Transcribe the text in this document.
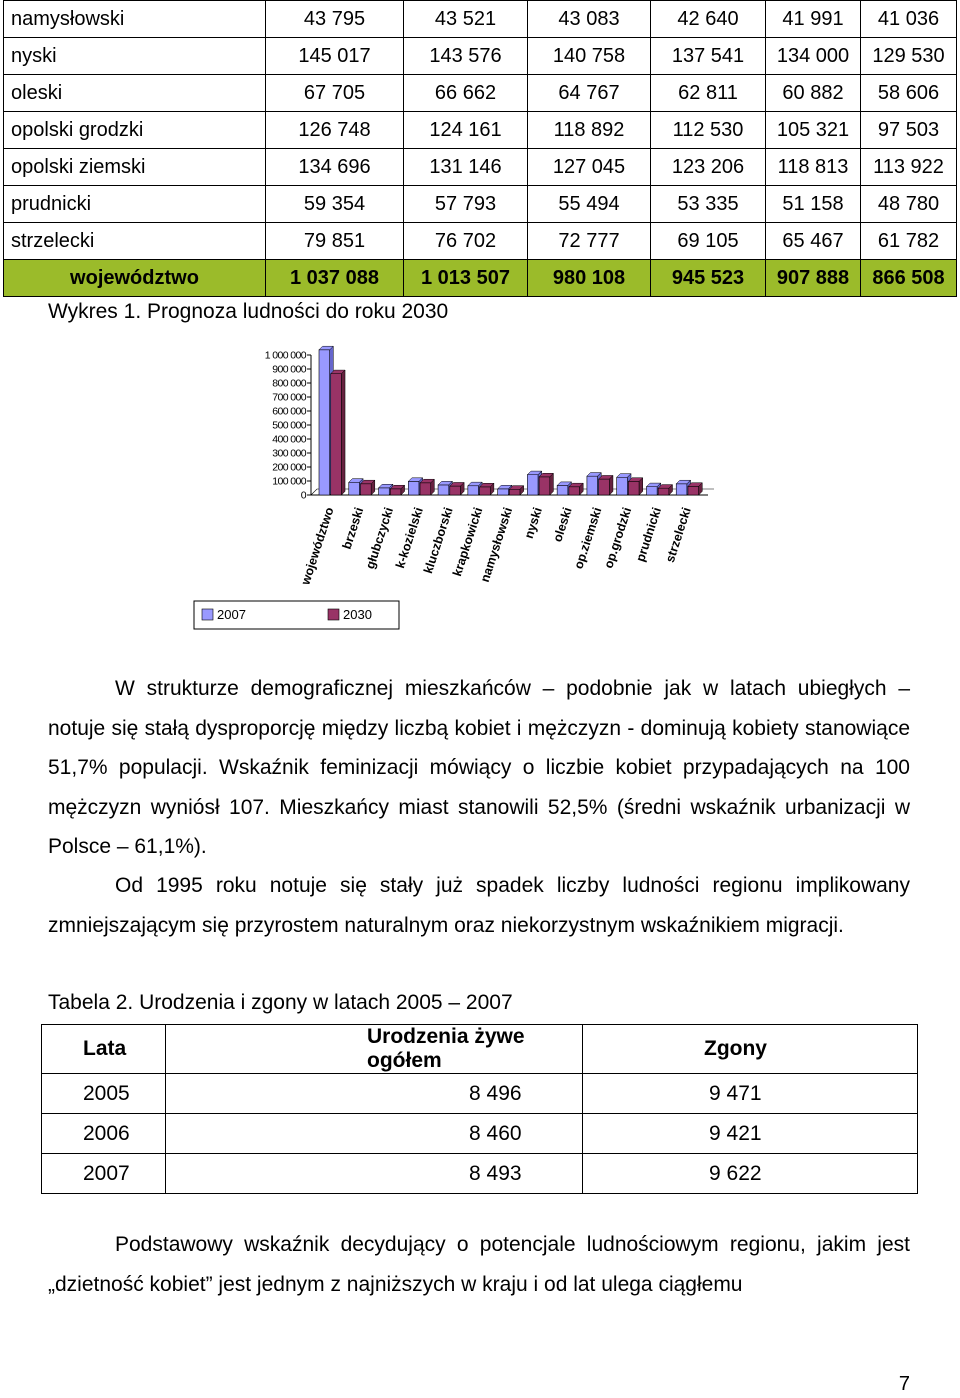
namysłowski	43 795	43 521	43 083	42 640	41 991	41 036
nyski	145 017	143 576	140 758	137 541	134 000	129 530
oleski	67 705	66 662	64 767	62 811	60 882	58 606
opolski grodzki	126 748	124 161	118 892	112 530	105 321	97 503
opolski ziemski	134 696	131 146	127 045	123 206	118 813	113 922
prudnicki	59 354	57 793	55 494	53 335	51 158	48 780
strzelecki	79 851	76 702	72 777	69 105	65 467	61 782
województwo	1 037 088	1 013 507	980 108	945 523	907 888	866 508
Wykres 1. Prognoza ludności do roku 2030
1 000 000
900 000
800 000
700 000
600 000
500 000
400 000
300 000
200 000
100 000
0
województwo brzeski
głubczycki
k-kozielski
kluczborski
krapkowicki
namysłowski nyski oleski
op.ziemski
op.grodzki prudnicki
strzelecki
2007	2030

W strukturze demograficznej mieszkańców – podobnie jak w latach ubiegłych – notuje się stałą dysproporcję między liczbą kobiet i mężczyzn - dominują kobiety stanowiące 51,7% populacji. Wskaźnik feminizacji mówiący o liczbie kobiet przypadających na 100 mężczyzn wyniósł 107. Mieszkańcy miast stanowili 52,5% (średni wskaźnik urbanizacji w Polsce – 61,1%).

Od 1995 roku notuje się stały już spadek liczby ludności regionu implikowany zmniejszającym się przyrostem naturalnym oraz niekorzystnym wskaźnikiem migracji.

Tabela 2. Urodzenia i zgony w latach 2005 – 2007
Lata	Urodzenia żywe ogółem	Zgony
2005	8 496	9 471
2006	8 460	9 421
2007	8 493	9 622

Podstawowy wskaźnik decydujący o potencjale ludnościowym regionu, jakim jest „dzietność kobiet” jest jednym z najniższych w kraju i od lat ulega ciągłemu

7
